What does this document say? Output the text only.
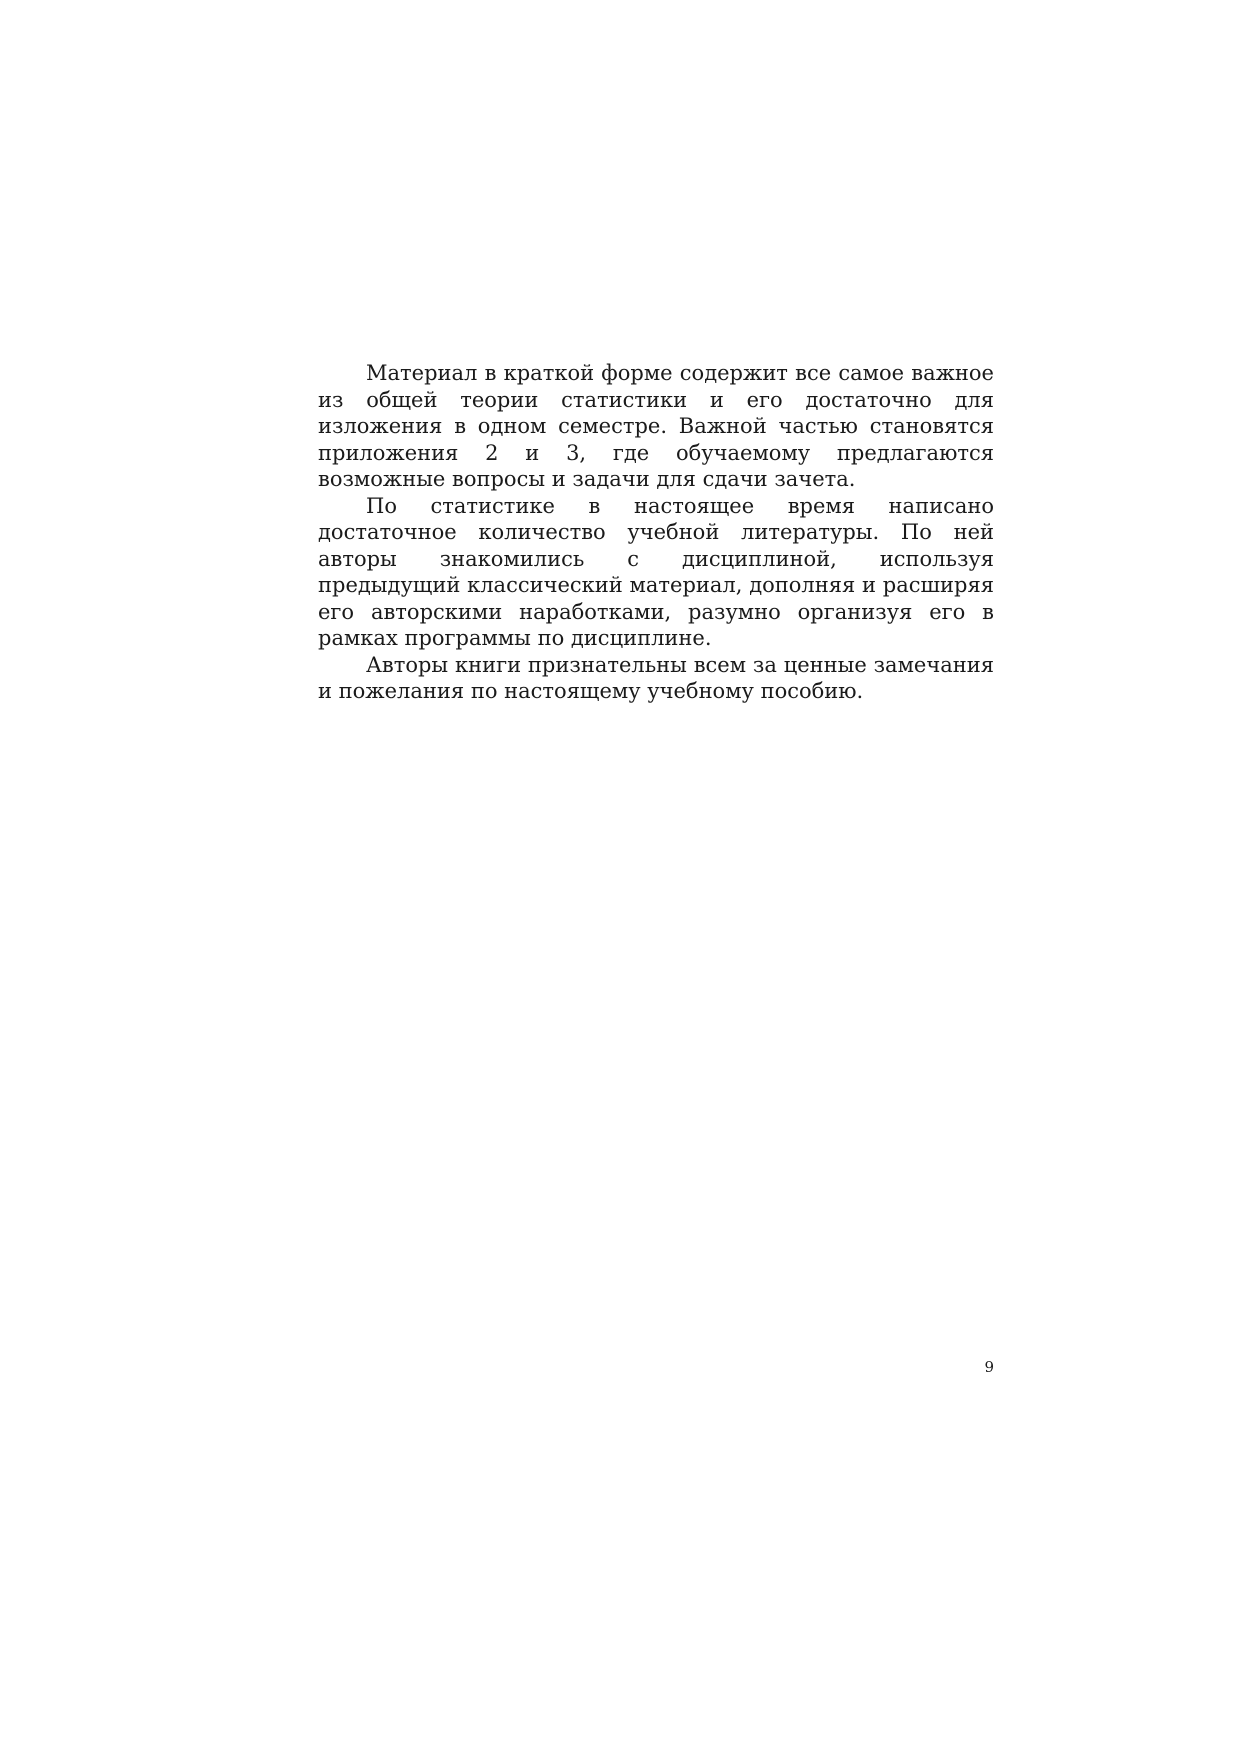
Материал в краткой форме содержит все самое важное из общей теории статистики и его достаточно для изложения в одном семестре. Важной частью становятся приложения 2 и 3, где обучаемому предлагаются возможные вопросы и задачи для сдачи зачета.

По статистике в настоящее время написано достаточное количество учебной литературы. По ней авторы знакомились с дисциплиной, используя предыдущий классический материал, дополняя и расширяя его авторскими наработками, разумно организуя его в рамках программы по дисциплине.

Авторы книги признательны всем за ценные замечания и пожелания по настоящему учебному пособию.

9
